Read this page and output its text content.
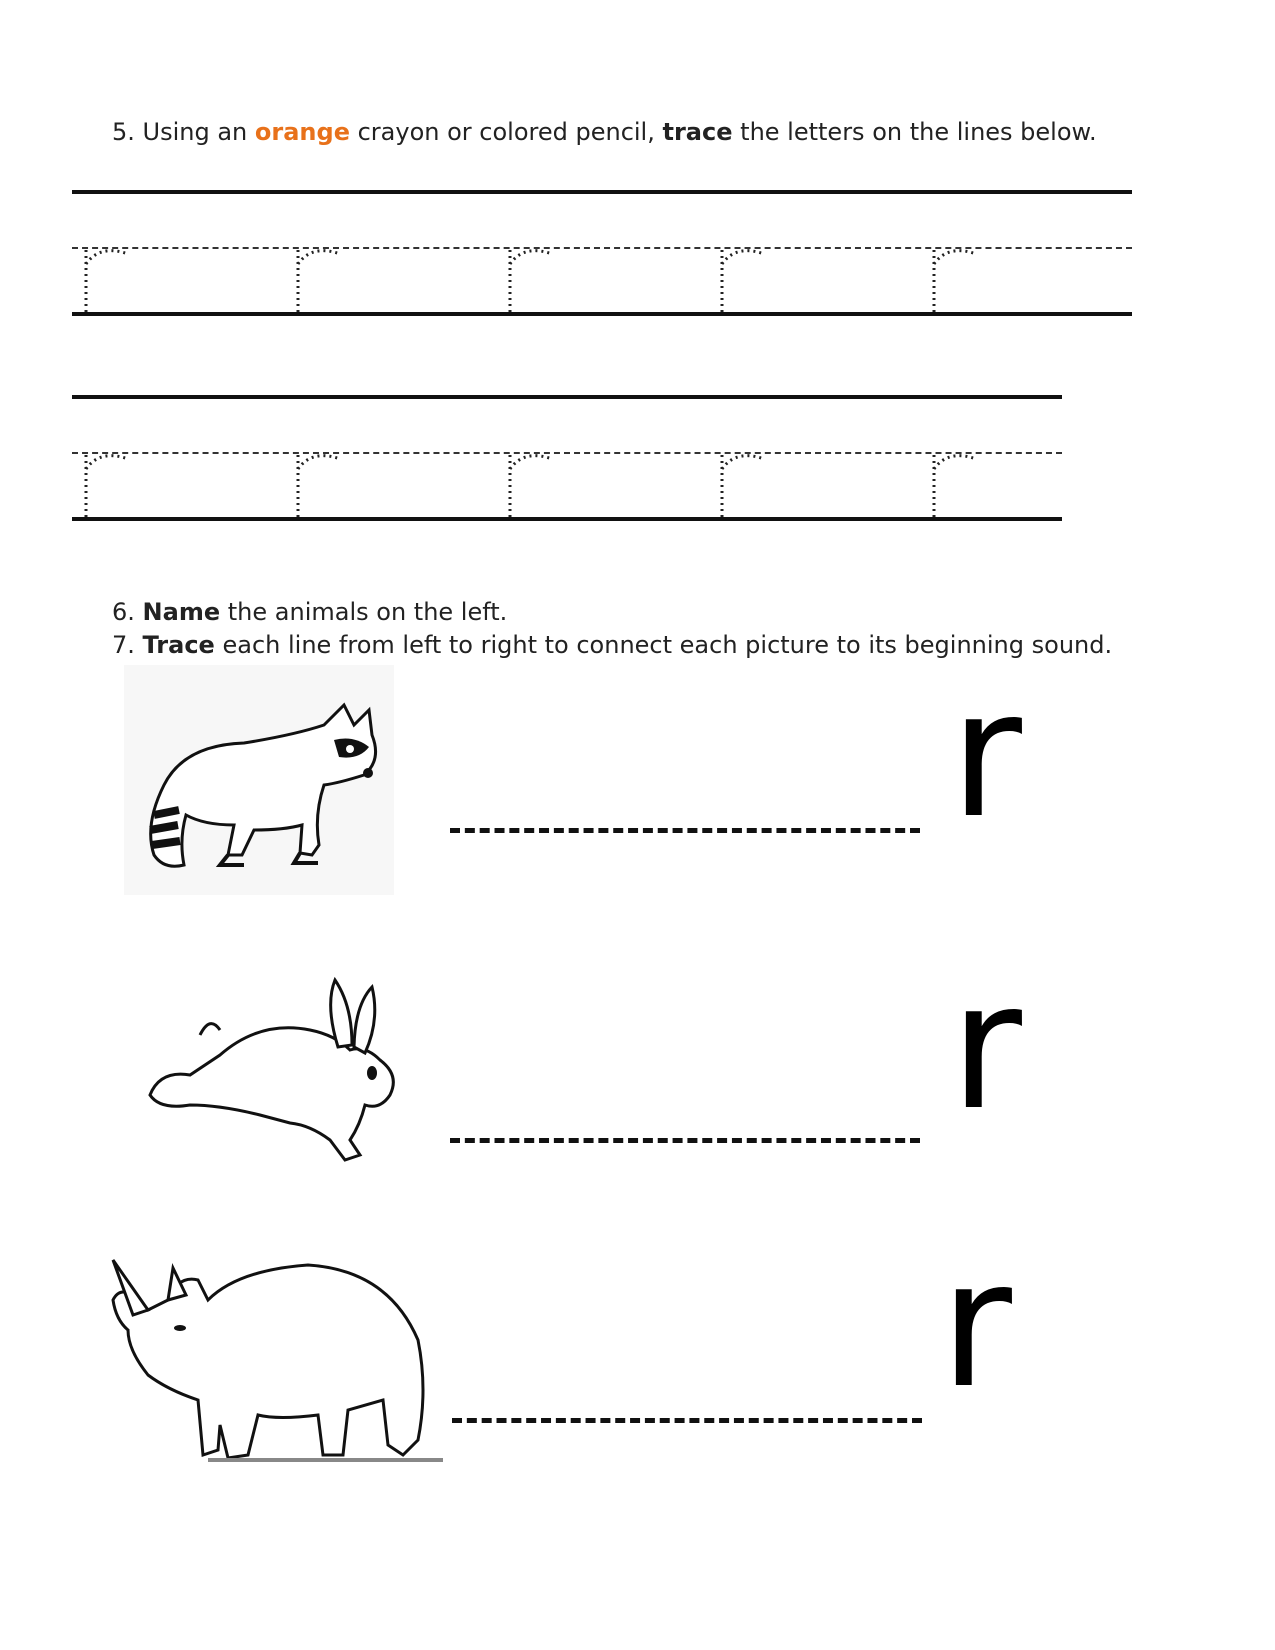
5. Using an orange crayon or colored pencil, trace the letters on the lines below.
6. Name the animals on the left.
7. Trace each line from left to right to connect each picture to its beginning sound.
r
r
r
